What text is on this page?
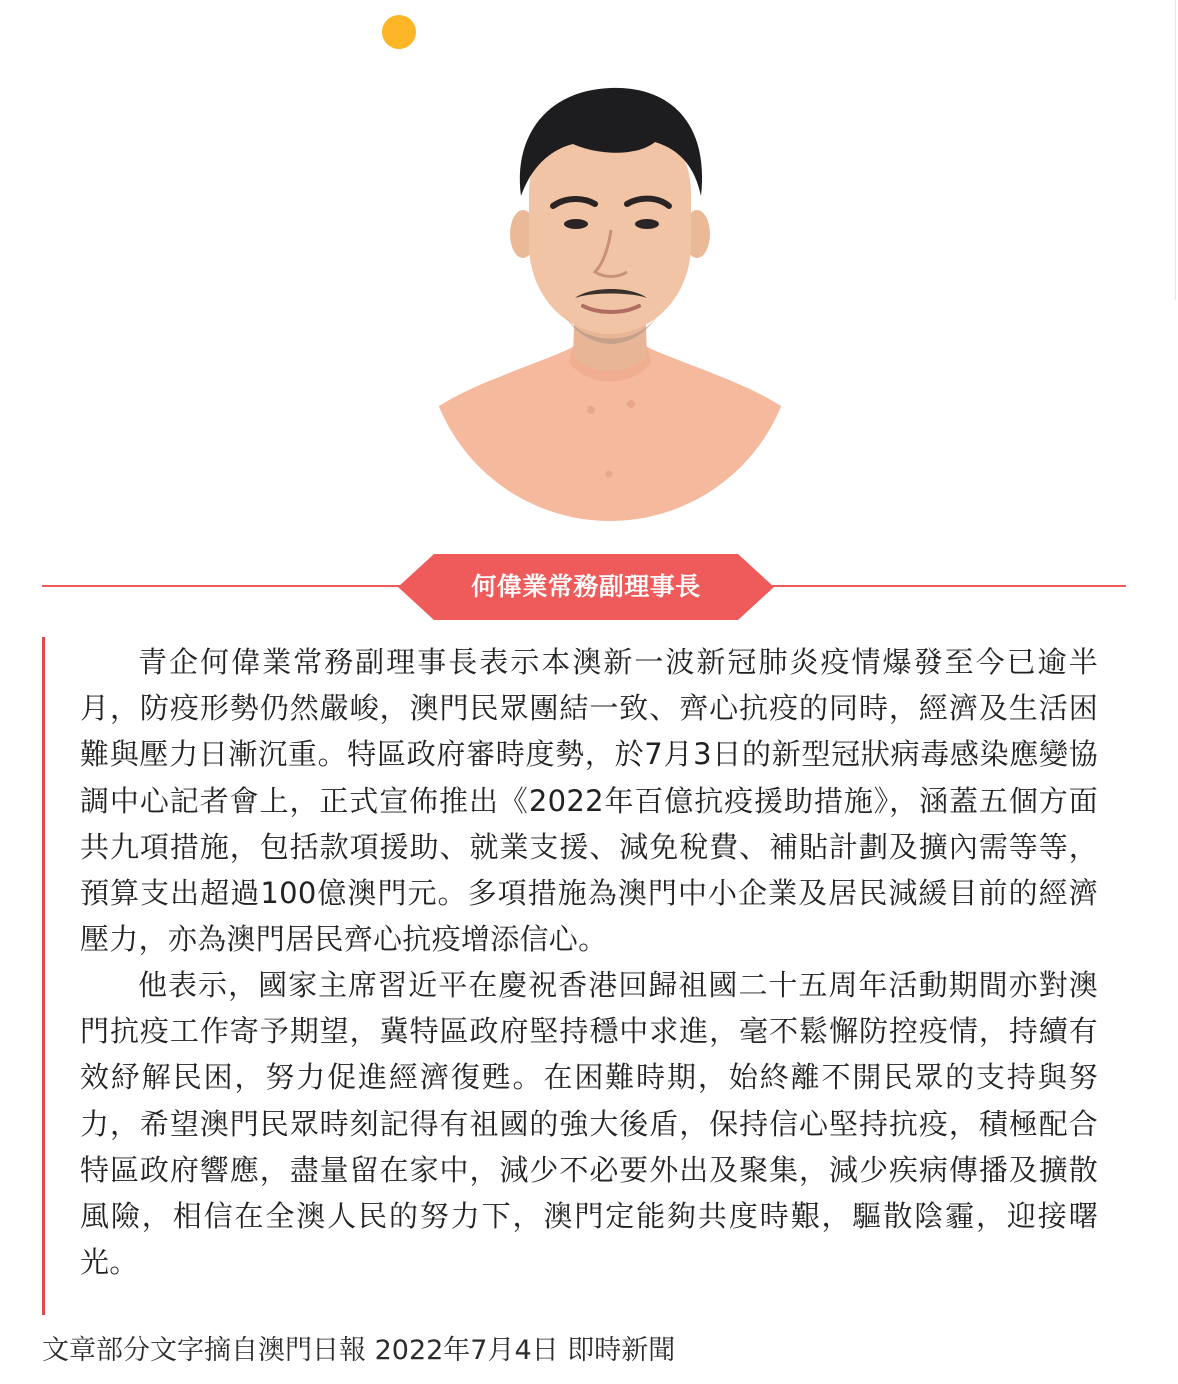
何偉業常務副理事長

青企何偉業常務副理事長表示本澳新一波新冠肺炎疫情爆發至今已逾半月，防疫形勢仍然嚴峻，澳門民眾團結一致、齊心抗疫的同時，經濟及生活困難與壓力日漸沉重。特區政府審時度勢，於7月3日的新型冠狀病毒感染應變協調中心記者會上，正式宣佈推出《2022年百億抗疫援助措施》，涵蓋五個方面共九項措施，包括款項援助、就業支援、減免稅費、補貼計劃及擴內需等等，預算支出超過100億澳門元。多項措施為澳門中小企業及居民減緩目前的經濟壓力，亦為澳門居民齊心抗疫增添信心。

他表示，國家主席習近平在慶祝香港回歸祖國二十五周年活動期間亦對澳門抗疫工作寄予期望，冀特區政府堅持穩中求進，毫不鬆懈防控疫情，持續有效紓解民困，努力促進經濟復甦。在困難時期，始終離不開民眾的支持與努力，希望澳門民眾時刻記得有祖國的強大後盾，保持信心堅持抗疫，積極配合特區政府響應，盡量留在家中，減少不必要外出及聚集，減少疾病傳播及擴散風險，相信在全澳人民的努力下，澳門定能夠共度時艱，驅散陰霾，迎接曙光。

文章部分文字摘自澳門日報 2022年7月4日 即時新聞
